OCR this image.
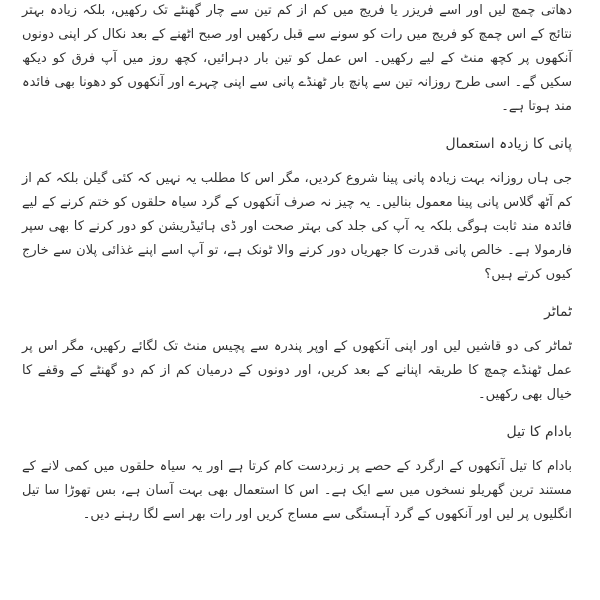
دھاتی چمچ لیں اور اسے فریزر یا فریج میں کم از کم تین سے چار گھنٹے تک رکھیں، بلکہ زیادہ بہتر نتائج کے اس چمچ کو فریج میں رات کو سونے سے قبل رکھیں اور صبح اٹھنے کے بعد نکال کر اپنی دونوں آنکھوں پر کچھ منٹ کے لیے رکھیں۔ اس عمل کو تین بار دہرائیں، کچھ روز میں آپ فرق کو دیکھ سکیں گے۔ اسی طرح روزانہ تین سے پانچ بار ٹھنڈے پانی سے اپنی چہرے اور آنکھوں کو دھونا بھی فائدہ مند ہوتا ہے۔

پانی کا زیادہ استعمال

جی ہاں روزانہ بہت زیادہ پانی پینا شروع کردیں، مگر اس کا مطلب یہ نہیں کہ کئی گیلن بلکہ کم از کم آٹھ گلاس پانی پینا معمول بنالیں۔ یہ چیز نہ صرف آنکھوں کے گرد سیاہ حلقوں کو ختم کرنے کے لیے فائدہ مند ثابت ہوگی بلکہ یہ آپ کی جلد کی بہتر صحت اور ڈی ہائیڈریشن کو دور کرنے کا بھی سپر فارمولا ہے۔ خالص پانی قدرت کا جھریاں دور کرنے والا ٹونک ہے، تو آپ اسے اپنے غذائی پلان سے خارج کیوں کرتے ہیں؟

ٹماٹر

ٹماٹر کی دو قاشیں لیں اور اپنی آنکھوں کے اوپر پندرہ سے پچیس منٹ تک لگائے رکھیں، مگر اس پر عمل ٹھنڈے چمچ کا طریقہ اپنانے کے بعد کریں، اور دونوں کے درمیان کم از کم دو گھنٹے کے وقفے کا خیال بھی رکھیں۔

بادام کا تیل

بادام کا تیل آنکھوں کے ارگرد کے حصے پر زبردست کام کرتا ہے اور یہ سیاہ حلقوں میں کمی لانے کے مستند ترین گھریلو نسخوں میں سے ایک ہے۔ اس کا استعمال بھی بہت آسان ہے، بس تھوڑا سا تیل انگلیوں پر لیں اور آنکھوں کے گرد آہستگی سے مساج کریں اور رات بھر اسے لگا رہنے دیں۔
